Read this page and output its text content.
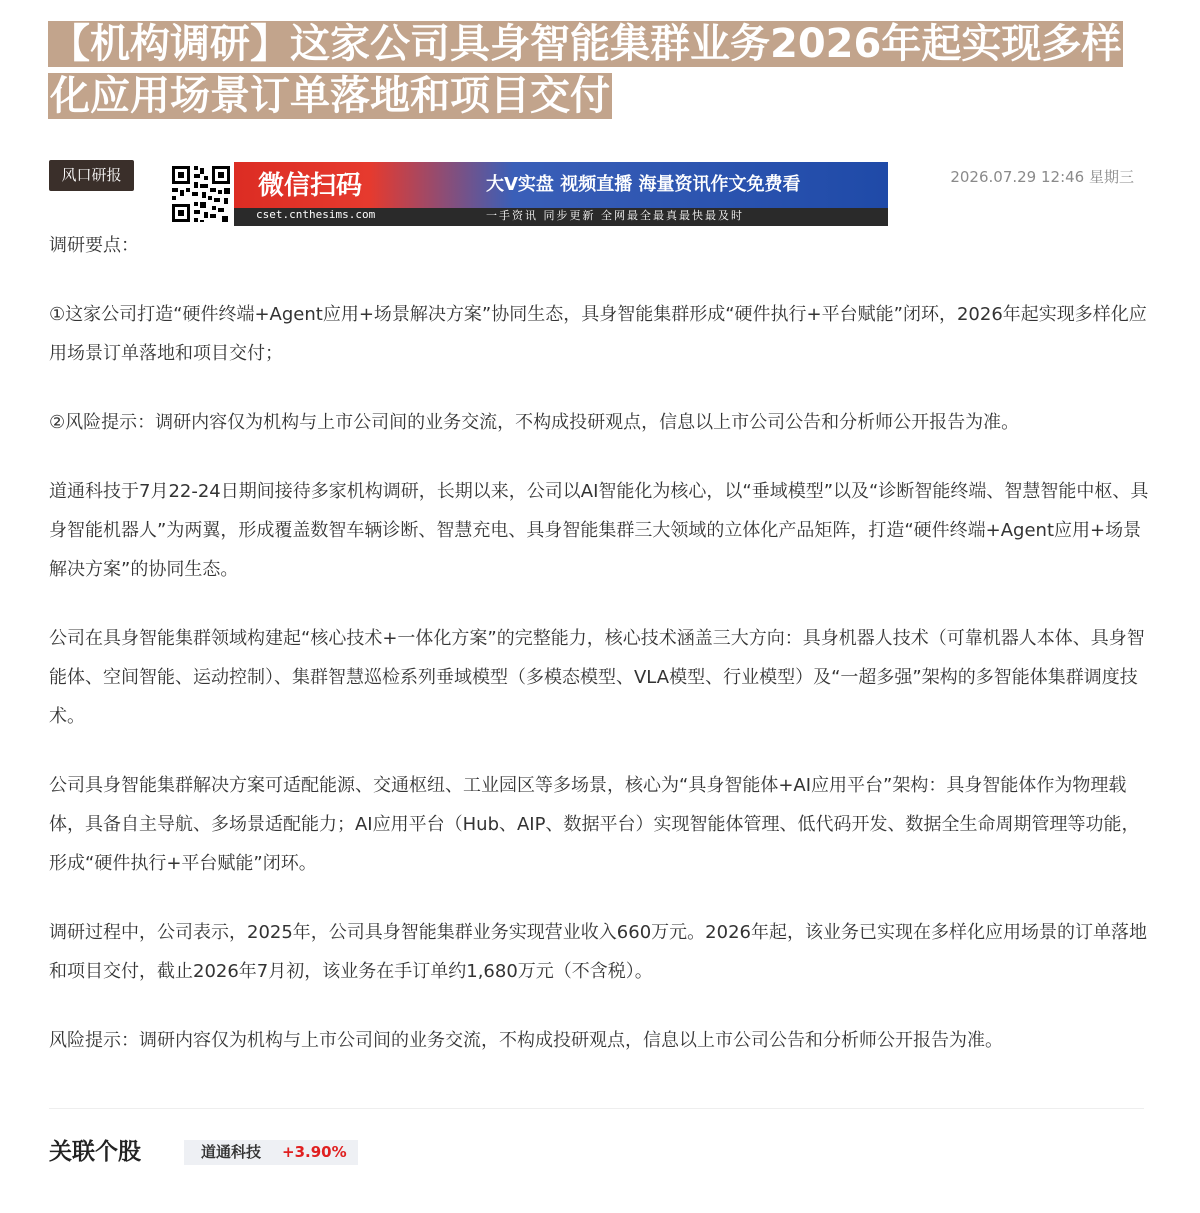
【机构调研】这家公司具身智能集群业务2026年起实现多样化应用场景订单落地和项目交付
风口研报	微信扫码
cset.cnthesims.com
大V实盘 视频直播 海量资讯作文免费看
一手资讯 同步更新 全网最全最真最快最及时
2026.07.29 12:46 星期三

调研要点：

①这家公司打造“硬件终端+Agent应用+场景解决方案”协同生态，具身智能集群形成“硬件执行+平台赋能”闭环，2026年起实现多样化应用场景订单落地和项目交付；

②风险提示：调研内容仅为机构与上市公司间的业务交流，不构成投研观点，信息以上市公司公告和分析师公开报告为准。

道通科技于7月22-24日期间接待多家机构调研，长期以来，公司以AI智能化为核心，以“垂域模型”以及“诊断智能终端、智慧智能中枢、具身智能机器人”为两翼，形成覆盖数智车辆诊断、智慧充电、具身智能集群三大领域的立体化产品矩阵，打造“硬件终端+Agent应用+场景解决方案”的协同生态。

公司在具身智能集群领域构建起“核心技术+一体化方案”的完整能力，核心技术涵盖三大方向：具身机器人技术（可靠机器人本体、具身智能体、空间智能、运动控制）、集群智慧巡检系列垂域模型（多模态模型、VLA模型、行业模型）及“一超多强”架构的多智能体集群调度技术。

公司具身智能集群解决方案可适配能源、交通枢纽、工业园区等多场景，核心为“具身智能体+AI应用平台”架构：具身智能体作为物理载体，具备自主导航、多场景适配能力；AI应用平台（Hub、AIP、数据平台）实现智能体管理、低代码开发、数据全生命周期管理等功能，形成“硬件执行+平台赋能”闭环。

调研过程中，公司表示，2025年，公司具身智能集群业务实现营业收入660万元。2026年起，该业务已实现在多样化应用场景的订单落地和项目交付，截止2026年7月初，该业务在手订单约1,680万元（不含税）。

风险提示：调研内容仅为机构与上市公司间的业务交流，不构成投研观点，信息以上市公司公告和分析师公开报告为准。

关联个股	道通科技 +3.90%
